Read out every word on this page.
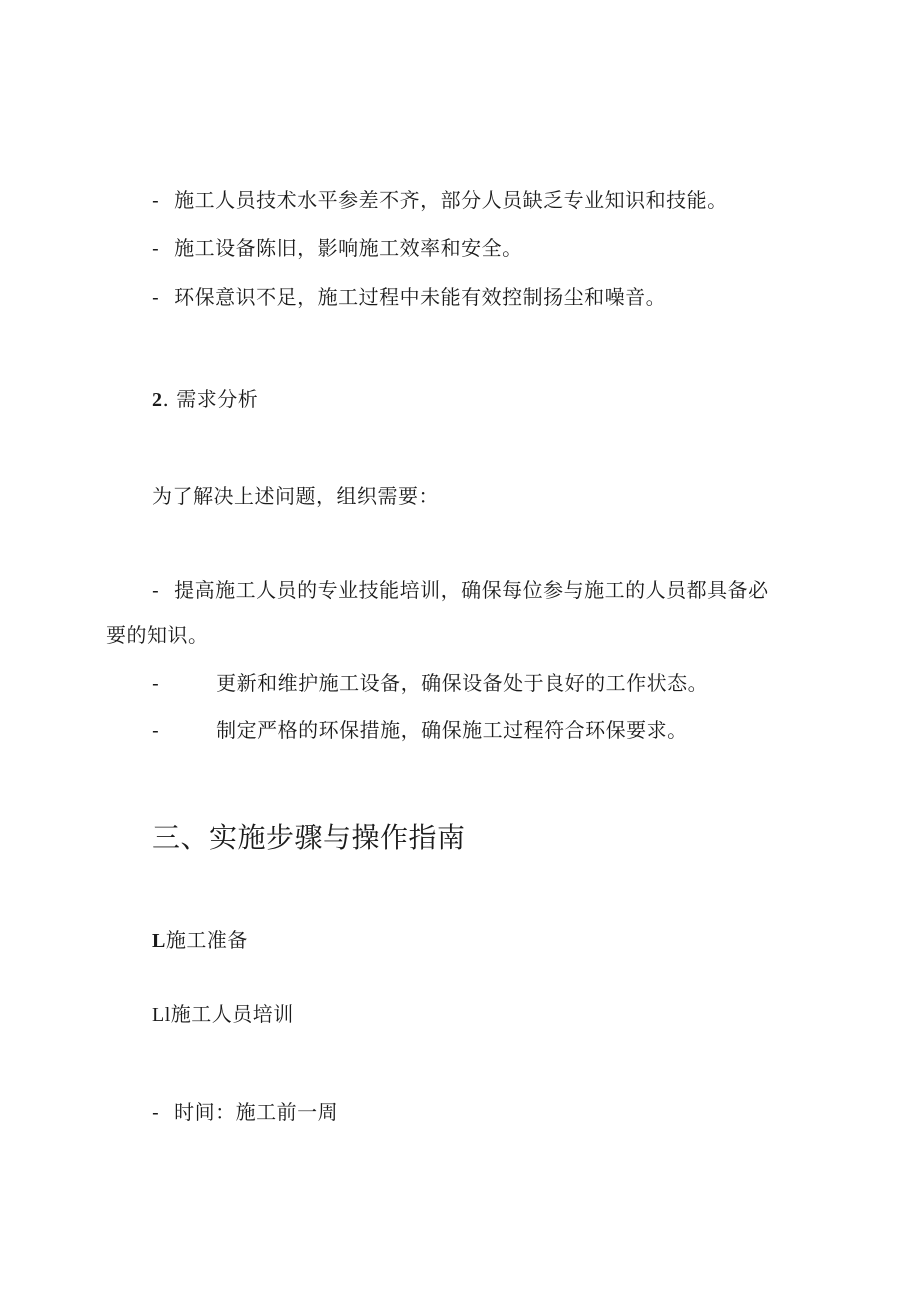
- 施工人员技术水平参差不齐，部分人员缺乏专业知识和技能。
- 施工设备陈旧，影响施工效率和安全。
- 环保意识不足，施工过程中未能有效控制扬尘和噪音。
2. 需求分析
为了解决上述问题，组织需要：
- 提高施工人员的专业技能培训，确保每位参与施工的人员都具备必
要的知识。
-	更新和维护施工设备，确保设备处于良好的工作状态。
-	制定严格的环保措施，确保施工过程符合环保要求。
三、实施步骤与操作指南
L施工准备
Ll施工人员培训
- 时间：施工前一周
